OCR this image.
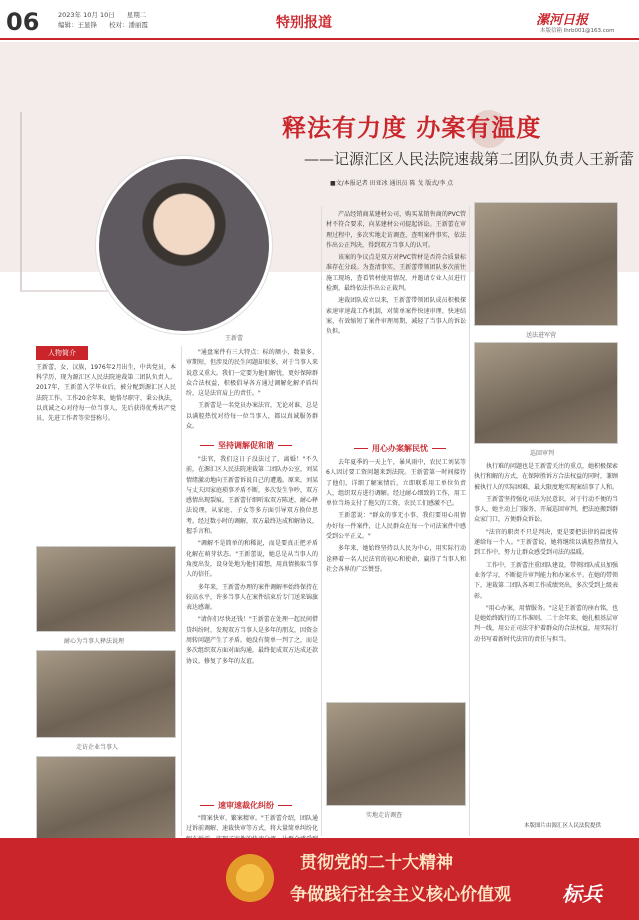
06	2023年 10月 10日 星期二
编辑：王显锋 校对：潘丽霞	特别报道	漯河日报
本版信箱 lhrb001@163.com
释法有力度 办案有温度
——记源汇区人民法院速裁第二团队负责人王新蕾
■文/本报记者 田亚冰 通讯员 陈 戈 版式/李 点
王新蕾
人物简介
王新蕾，女，汉族，1976年2月出生，中共党员，本科学历，现为源汇区人民法院速裁第二团队负责人。2017年，王新蕾入学毕业后，被分配到源汇区人民法院工作。工作20余年来，她恪尽职守、秉公执法，以真诚之心对待每一位当事人，先后获得优秀共产党员、先进工作者等荣誉称号。
耐心为当事人释法说理
走访企业当事人

"通盘案件有三大特点：标的额小、数量多、审期短，但涉及的民生问题却很多，对于当事人来说意义重大。我们一定要为他们解忧，更好保障群众合法权益，积极倡导各方通过调解化解矛盾纠纷，这是法官肩上的责任。"

王新蕾是一名党员办案法官，无论对谁，总是以满腔热忱对待每一位当事人，都以真诚服务群众。

坚持调解促和谐

"法官，我们这日子没法过了，离婚！"不久前，在源汇区人民法院速裁第二团队办公室，刘某情绪激动地向王新蕾诉说自己的遭遇。原来，刘某与丈夫因家庭琐事矛盾不断，多次发生争吵，双方感情出现裂痕。王新蕾仔细听取双方陈述，耐心释法说理，从家庭、子女等多方面引导双方换位思考。经过数小时的调解，双方最终达成和解协议，握手言和。

"调解不是简单的和稀泥，而是要真正把矛盾化解在萌芽状态。"王新蕾说，她总是从当事人的角度出发，设身处地为他们着想，用真情换取当事人的信任。

多年来，王新蕾办理的案件调解率始终保持在较高水平，许多当事人在案件结束后专门送来锦旗表达感谢。

"请你们尽快还钱！"王新蕾在处理一起民间借贷纠纷时，发现双方当事人是多年的朋友，因资金周转问题产生了矛盾。她没有简单一判了之，而是多次组织双方面对面沟通，最终促成双方达成还款协议，修复了多年的友谊。

速审速裁化纠纷

"简案快审、繁案精审。"王新蕾介绍，团队通过诉前调解、速裁快审等方式，将大量简单纠纷化

产品经销商某建材公司，购买某销售商的PVC管材不符合要求，向某建材公司提起诉讼。王新蕾在审理过程中，多次实地走访调查，查明案件事实，依法作出公正判决，得到双方当事人的认可。

该案的争议点是双方对PVC管材是否符合质量标准存在分歧。为查清事实，王新蕾带领团队多次前往施工现场，查看管材使用情况，并邀请专业人员进行检测，最终依法作出公正裁判。

速裁团队成立以来，王新蕾带领团队成员积极探索速审速裁工作机制，对简单案件快速审理、快速结案，有效缩短了案件审理周期，减轻了当事人的诉讼负担。

用心办案解民忧

去年夏季的一天上午，暴风雨中，农民工刘某等6人因讨要工资问题来到法院。王新蕾第一时间接待了他们，详细了解案情后，立即联系用工单位负责人，组织双方进行调解。经过耐心细致的工作，用工单位当场支付了拖欠的工资，农民工们感激不已。

王新蕾说："群众的事无小事，我们要用心用情办好每一件案件，让人民群众在每一个司法案件中感受到公平正义。"

多年来，她始终坚持以人民为中心，用实际行动诠释着一名人民法官的初心和使命，赢得了当事人和社会各界的广泛赞誉。

实地走访调查
送法进军营
巡回审判

执行难的问题也是王新蕾关注的重点，她积极探索执行和解的方式，在保障胜诉方合法权益的同时，兼顾被执行人的实际困难，最大限度地实现案结事了人和。

王新蕾坚持强化司法为民意识，对于行动不便的当事人，她主动上门服务，开展巡回审判，把法庭搬到群众家门口，方便群众诉讼。

"法官的职责不只是判决，更是要把法律的温度传递给每一个人。"王新蕾说，她将继续以满腔热情投入到工作中，努力让群众感受到司法的温暖。

工作中，王新蕾注重团队建设，带领团队成员加强业务学习，不断提升审判能力和办案水平。在她的带领下，速裁第二团队各项工作成绩突出，多次受到上级表彰。

"用心办案，用情服务。"这是王新蕾的座右铭，也是她始终践行的工作准则。二十余年来，她扎根基层审判一线，用公正司法守护着群众的合法权益，用实际行动书写着新时代法官的责任与担当。

本版图片由源汇区人民法院提供
贯彻党的二十大精神
争做践行社会主义核心价值观	标兵
